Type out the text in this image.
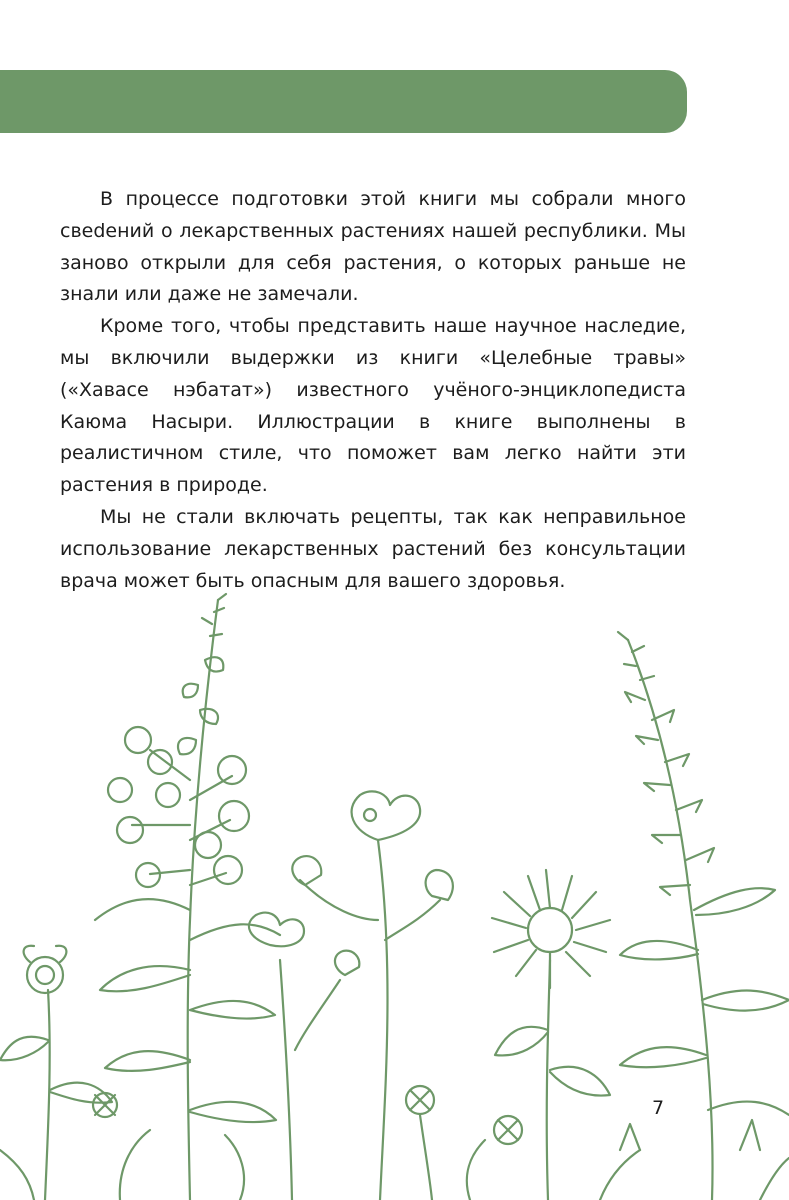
От составителей

В процессе подготовки этой книги мы собрали много свеdений о лекарственных растениях нашей республики. Мы заново открыли для себя растения, о которых раньше не знали или даже не замечали.

Кроме того, чтобы представить наше научное наследие, мы включили выдержки из книги «Целебные травы» («Хавасе нэбатат») известного учёного-энциклопедиста Каюма Насыри. Иллюстрации в книге выполнены в реалистичном стиле, что поможет вам легко найти эти растения в природе.

Мы не стали включать рецепты, так как неправильное использование лекарственных растений без консультации врача может быть опасным для вашего здоровья.

7
